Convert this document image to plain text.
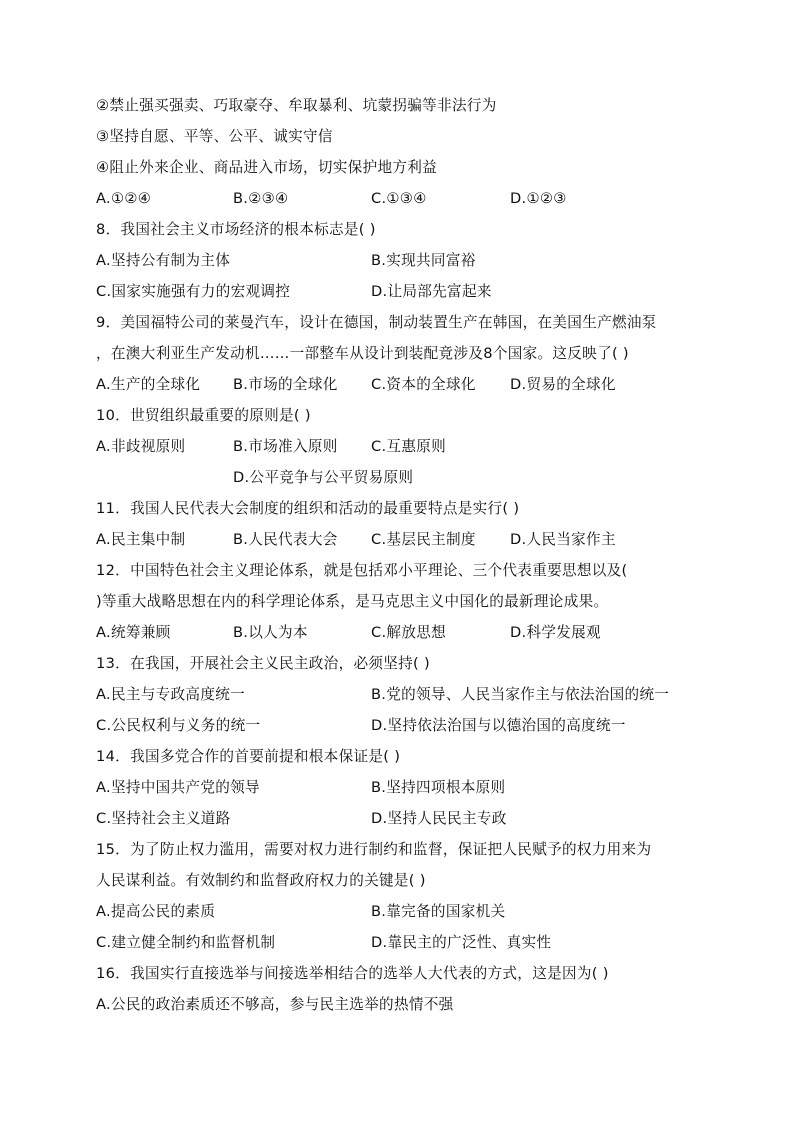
②禁止强买强卖、巧取豪夺、牟取暴利、坑蒙拐骗等非法行为
③坚持自愿、平等、公平、诚实守信
④阻止外来企业、商品进入市场，切实保护地方利益
A.①②④	B.②③④	C.①③④	D.①②③
8．我国社会主义市场经济的根本标志是( )
A.坚持公有制为主体	B.实现共同富裕
C.国家实施强有力的宏观调控	D.让局部先富起来
9．美国福特公司的莱曼汽车，设计在德国，制动装置生产在韩国，在美国生产燃油泵
，在澳大利亚生产发动机……一部整车从设计到装配竟涉及8个国家。这反映了( )
A.生产的全球化 B.市场的全球化 C.资本的全球化 D.贸易的全球化
10．世贸组织最重要的原则是( )
A.非歧视原则	B.市场准入原则 C.互惠原则
D.公平竞争与公平贸易原则
11．我国人民代表大会制度的组织和活动的最重要特点是实行( )
A.民主集中制	B.人民代表大会 C.基层民主制度 D.人民当家作主
12．中国特色社会主义理论体系，就是包括邓小平理论、三个代表重要思想以及(
)等重大战略思想在内的科学理论体系，是马克思主义中国化的最新理论成果。
A.统筹兼顾	B.以人为本	C.解放思想	D.科学发展观
13．在我国，开展社会主义民主政治，必须坚持( )
A.民主与专政高度统一	B.党的领导、人民当家作主与依法治国的统一
C.公民权利与义务的统一	D.坚持依法治国与以德治国的高度统一
14．我国多党合作的首要前提和根本保证是( )
A.坚持中国共产党的领导	B.坚持四项根本原则
C.坚持社会主义道路	D.坚持人民民主专政
15．为了防止权力滥用，需要对权力进行制约和监督，保证把人民赋予的权力用来为
人民谋利益。有效制约和监督政府权力的关键是( )
A.提高公民的素质	B.靠完备的国家机关
C.建立健全制约和监督机制	D.靠民主的广泛性、真实性
16．我国实行直接选举与间接选举相结合的选举人大代表的方式，这是因为( )
A.公民的政治素质还不够高，参与民主选举的热情不强
